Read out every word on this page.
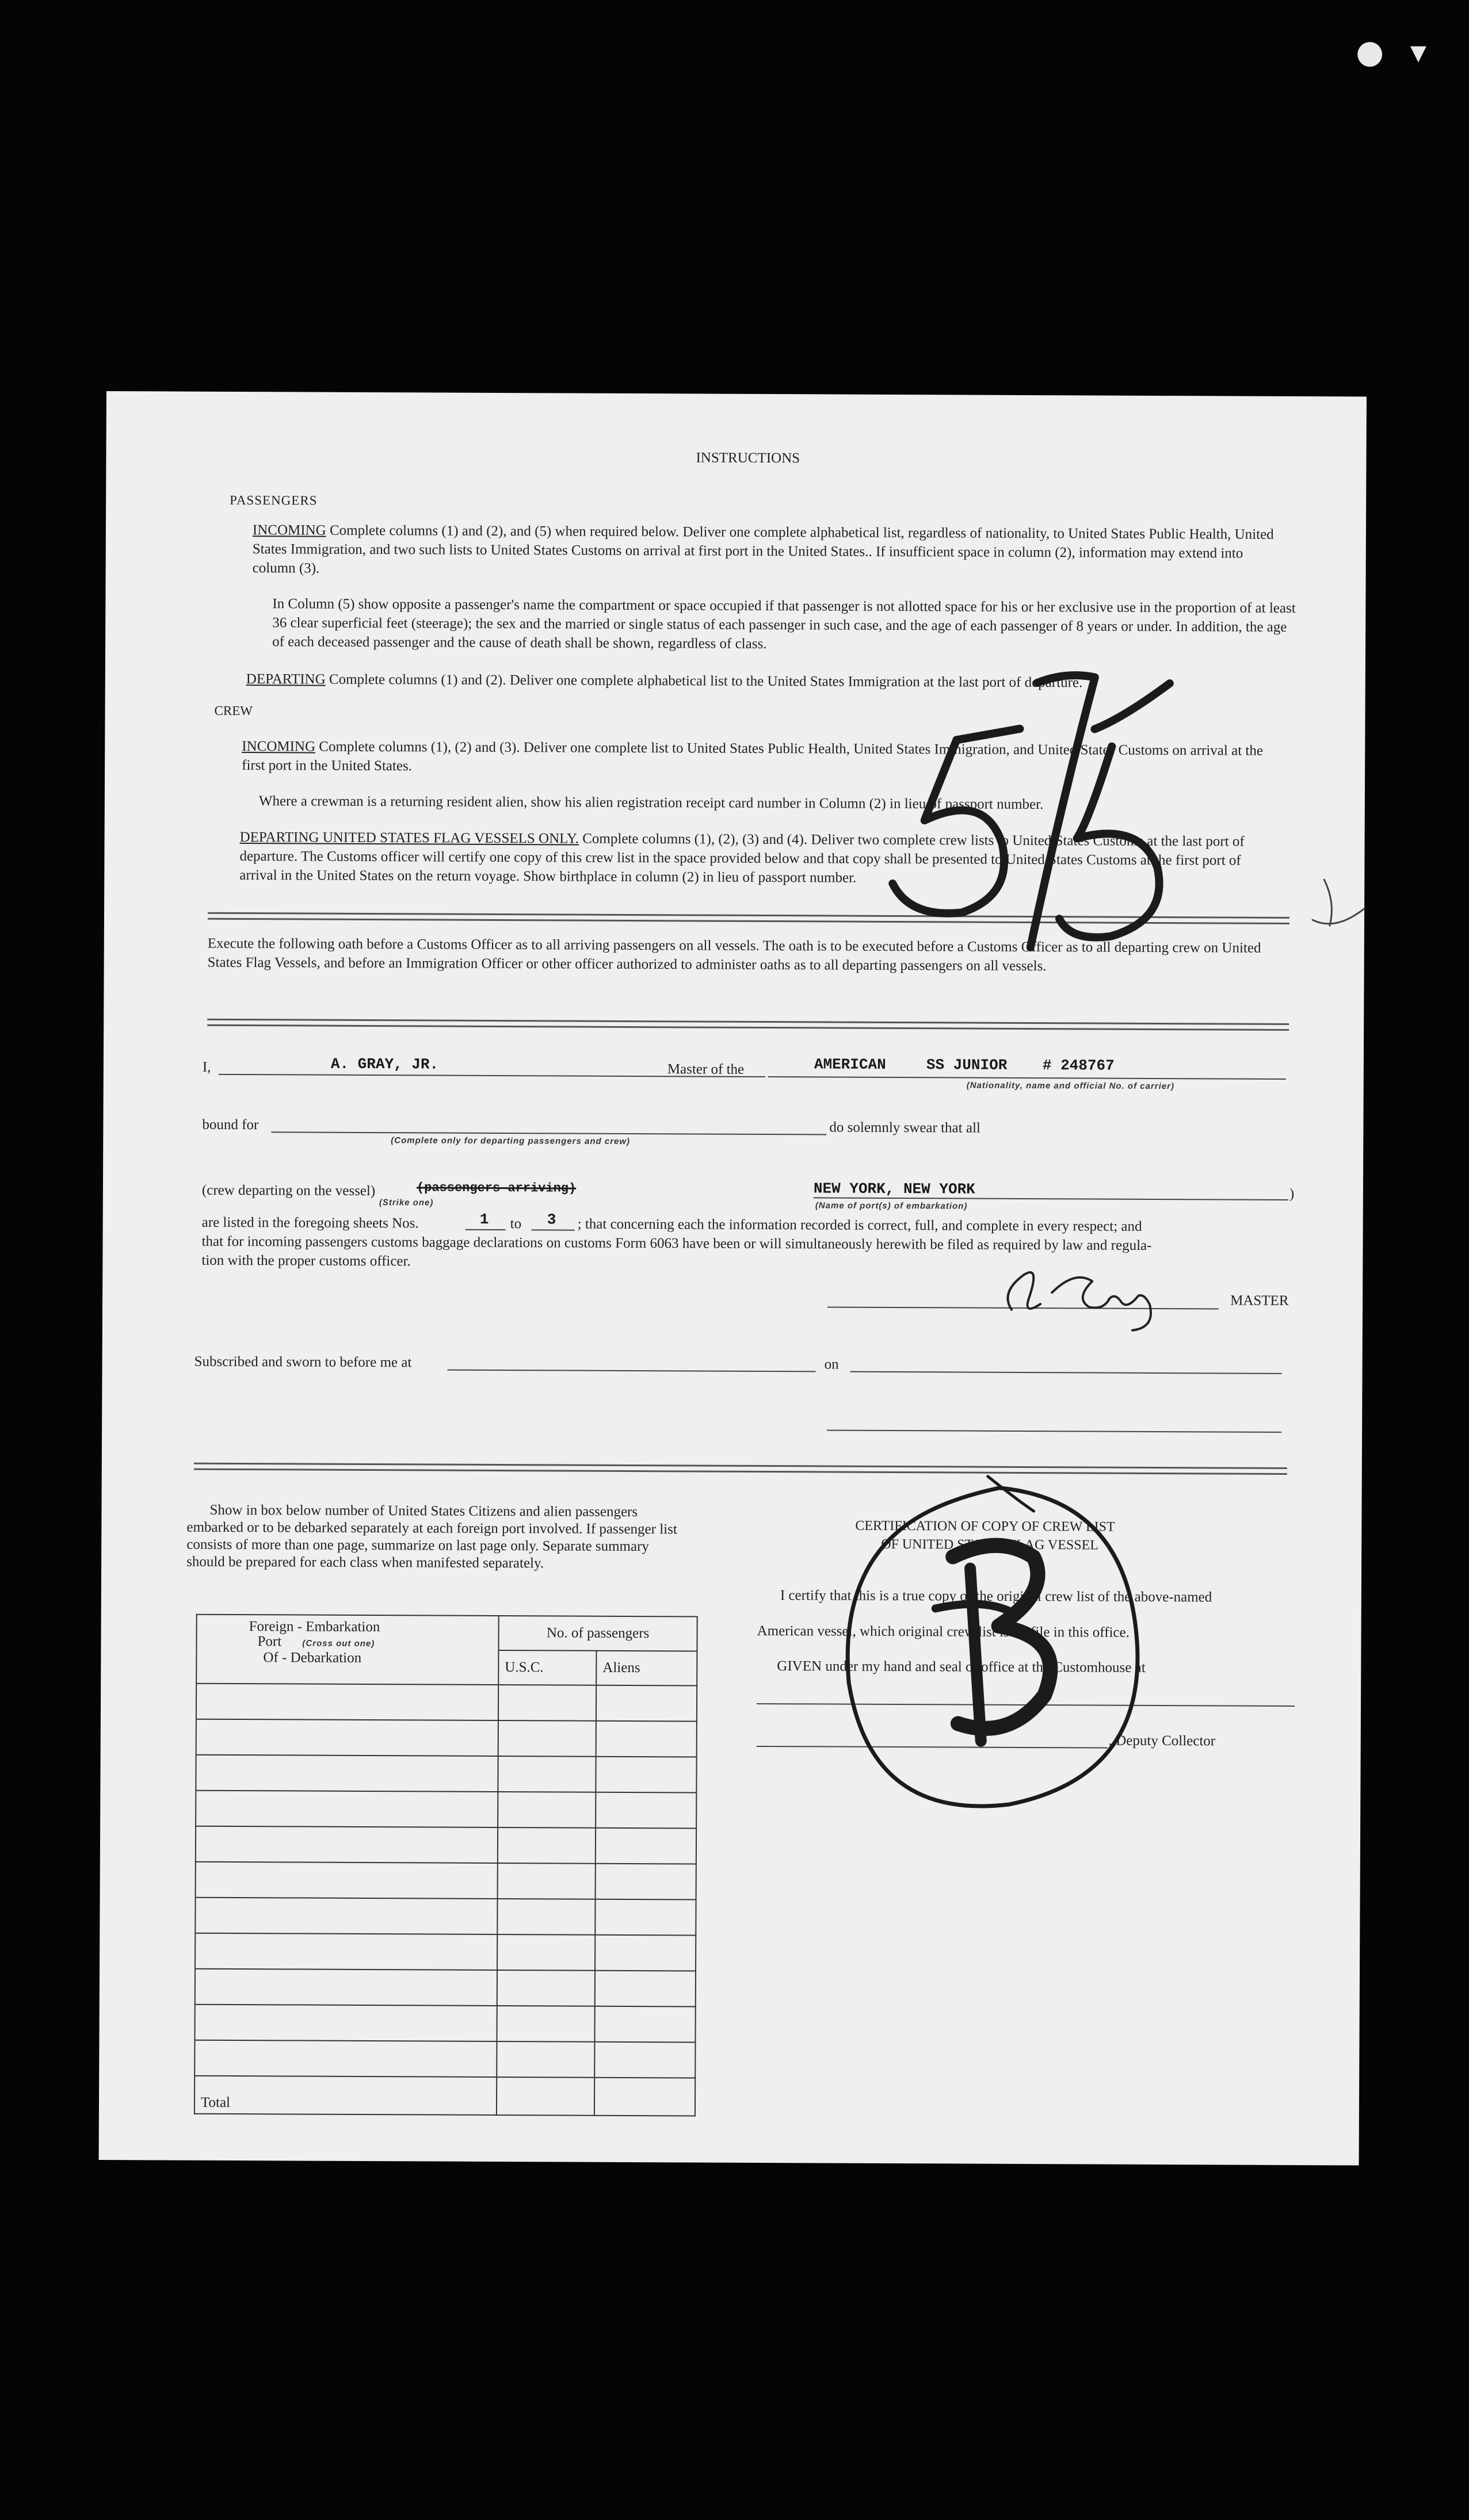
● ▾
INSTRUCTIONS
PASSENGERS
INCOMING Complete columns (1) and (2), and (5) when required below. Deliver one complete alphabetical list, regardless of nationality, to United States Public Health, United States Immigration, and two such lists to United States Customs on arrival at first port in the United States.. If insufficient space in column (2), information may extend into column (3).
In Column (5) show opposite a passenger's name the compartment or space occupied if that passenger is not allotted space for his or her exclusive use in the proportion of at least 36 clear superficial feet (steerage); the sex and the married or single status of each passenger in such case, and the age of each passenger of 8 years or under. In addition, the age of each deceased passenger and the cause of death shall be shown, regardless of class.
DEPARTING Complete columns (1) and (2). Deliver one complete alphabetical list to the United States Immigration at the last port of departure.
CREW
INCOMING Complete columns (1), (2) and (3). Deliver one complete list to United States Public Health, United States Immigration, and United States Customs on arrival at the first port in the United States.
Where a crewman is a returning resident alien, show his alien registration receipt card number in Column (2) in lieu of passport number.
DEPARTING UNITED STATES FLAG VESSELS ONLY. Complete columns (1), (2), (3) and (4). Deliver two complete crew lists to United States Customs at the last port of departure. The Customs officer will certify one copy of this crew list in the space provided below and that copy shall be presented to United States Customs at the first port of arrival in the United States on the return voyage. Show birthplace in column (2) in lieu of passport number.
Execute the following oath before a Customs Officer as to all arriving passengers on all vessels. The oath is to be executed before a Customs Officer as to all departing crew on United States Flag Vessels, and before an Immigration Officer or other officer authorized to administer oaths as to all departing passengers on all vessels.
I,	A. GRAY, JR.	Master of the	AMERICAN	SS JUNIOR # 248767
(Nationality, name and official No. of carrier)
bound for
(Complete only for departing passengers and crew)
do solemnly swear that all
(crew departing on the vessel)	(passengers arriving)
(Strike one)
NEW YORK, NEW YORK
(Name of port(s) of embarkation)
)
are listed in the foregoing sheets Nos.	1 to 3 ; that concerning each the information recorded is correct, full, and complete in every respect; and
that for incoming passengers customs baggage declarations on customs Form 6063 have been or will simultaneously herewith be filed as required by law and regula-
tion with the proper customs officer.
MASTER
Subscribed and sworn to before me at	on
Show in box below number of United States Citizens and alien passengers embarked or to be debarked separately at each foreign port involved. If passenger list consists of more than one page, summarize on last page only. Separate summary should be prepared for each class when manifested separately.
Foreign - Embarkation
Port (Cross out one)
Of - Debarkation	No. of passengers	
	U.S.C.	Aliens

Total		
CERTIFICATION OF COPY OF CREW LIST
OF UNITED STATES FLAG VESSEL
I certify that this is a true copy of the original crew list of the above-named
American vessel, which original crew list is on file in this office.
GIVEN under my hand and seal of office at the Customhouse at
, Deputy Collector
